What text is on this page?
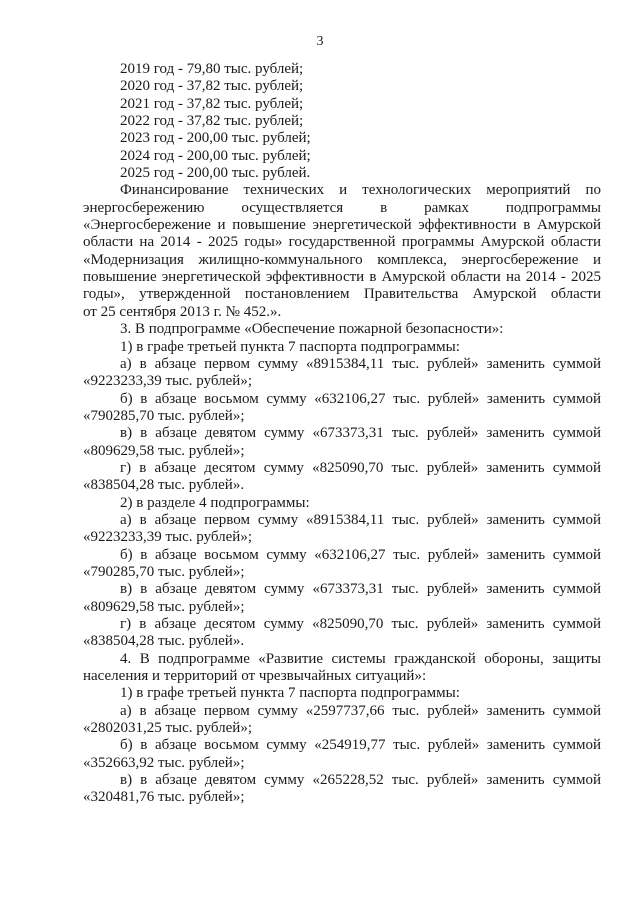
3
2019 год - 79,80 тыс. рублей;
2020 год - 37,82 тыс. рублей;
2021 год - 37,82 тыс. рублей;
2022 год - 37,82 тыс. рублей;
2023 год - 200,00 тыс. рублей;
2024 год - 200,00 тыс. рублей;
2025 год - 200,00 тыс. рублей.
Финансирование технических и технологических мероприятий по
энергосбережению осуществляется в рамках подпрограммы
«Энергосбережение и повышение энергетической эффективности в Амурской
области на 2014 - 2025 годы» государственной программы Амурской области
«Модернизация жилищно-коммунального комплекса, энергосбережение и
повышение энергетической эффективности в Амурской области на 2014 - 2025
годы», утвержденной постановлением Правительства Амурской области
от 25 сентября 2013 г. № 452.».
3. В подпрограмме «Обеспечение пожарной безопасности»:
1) в графе третьей пункта 7 паспорта подпрограммы:
а) в абзаце первом сумму «8915384,11 тыс. рублей» заменить суммой
«9223233,39 тыс. рублей»;
б) в абзаце восьмом сумму «632106,27 тыс. рублей» заменить суммой
«790285,70 тыс. рублей»;
в) в абзаце девятом сумму «673373,31 тыс. рублей» заменить суммой
«809629,58 тыс. рублей»;
г) в абзаце десятом сумму «825090,70 тыс. рублей» заменить суммой
«838504,28 тыс. рублей».
2) в разделе 4 подпрограммы:
а) в абзаце первом сумму «8915384,11 тыс. рублей» заменить суммой
«9223233,39 тыс. рублей»;
б) в абзаце восьмом сумму «632106,27 тыс. рублей» заменить суммой
«790285,70 тыс. рублей»;
в) в абзаце девятом сумму «673373,31 тыс. рублей» заменить суммой
«809629,58 тыс. рублей»;
г) в абзаце десятом сумму «825090,70 тыс. рублей» заменить суммой
«838504,28 тыс. рублей».
4. В подпрограмме «Развитие системы гражданской обороны, защиты
населения и территорий от чрезвычайных ситуаций»:
1) в графе третьей пункта 7 паспорта подпрограммы:
а) в абзаце первом сумму «2597737,66 тыс. рублей» заменить суммой
«2802031,25 тыс. рублей»;
б) в абзаце восьмом сумму «254919,77 тыс. рублей» заменить суммой
«352663,92 тыс. рублей»;
в) в абзаце девятом сумму «265228,52 тыс. рублей» заменить суммой
«320481,76 тыс. рублей»;
